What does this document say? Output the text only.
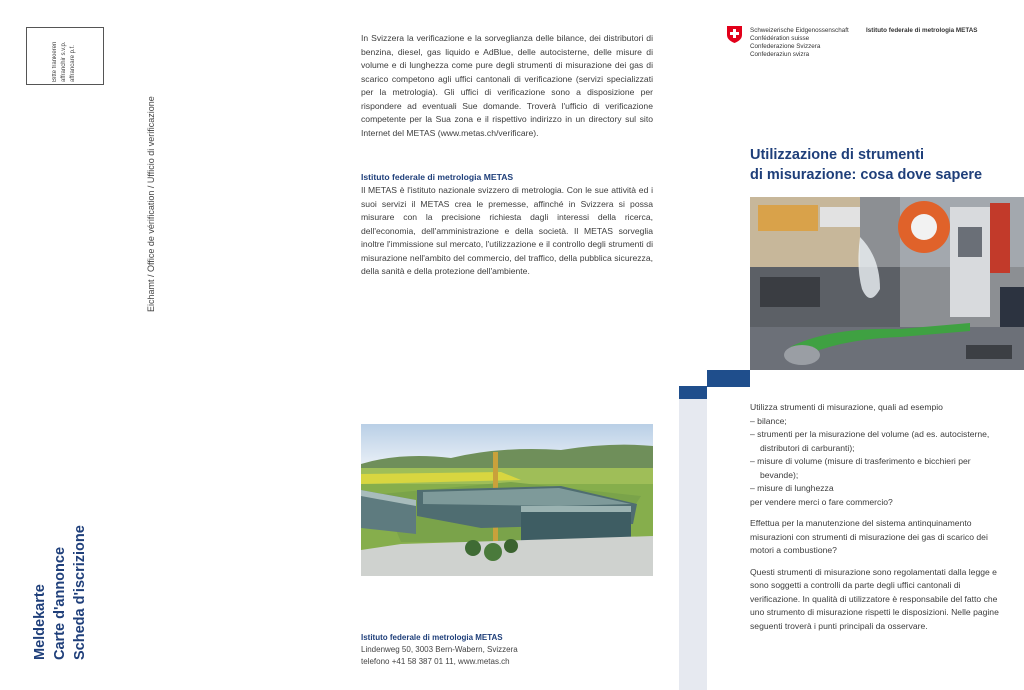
Bitte frankieren affranchir s.v.p. affrancare p.f.
Eichamt / Office de vérification / Ufficio di verificazione
Meldekarte Carte d'annonce Scheda d'iscrizione
In Svizzera la verificazione e la sorveglianza delle bilance, dei distributori di benzina, diesel, gas liquido e AdBlue, delle autocisterne, delle misure di volume e di lunghezza come pure degli strumenti di misurazione dei gas di scarico competono agli uffici cantonali di verificazione (servizi specializzati per la metrologia). Gli uffici di verificazione sono a disposizione per rispondere ad eventuali Sue domande. Troverà l'ufficio di verificazione competente per la Sua zona e il rispettivo indirizzo in un directory sul sito Internet del METAS (www.metas.ch/verificare).
Istituto federale di metrologia METAS
Il METAS è l'istituto nazionale svizzero di metrologia. Con le sue attività ed i suoi servizi il METAS crea le premesse, affinché in Svizzera si possa misurare con la precisione richiesta dagli interessi della ricerca, dell'economia, dell'amministrazione e della società. Il METAS sorveglia inoltre l'immissione sul mercato, l'utilizzazione e il controllo degli strumenti di misurazione nell'ambito del commercio, del traffico, della pubblica sicurezza, della sanità e della protezione dell'ambiente.
Istituto federale di metrologia METAS
Lindenweg 50, 3003 Bern-Wabern, Svizzera
telefono +41 58 387 01 11, www.metas.ch
Schweizerische Eidgenossenschaft
Confédération suisse
Confederazione Svizzera
Confederaziun svizra
Istituto federale di metrologia METAS
Utilizzazione di strumenti
di misurazione: cosa dove sapere
Utilizza strumenti di misurazione, quali ad esempio
– bilance;
– strumenti per la misurazione del volume (ad es. autocisterne, distributori di carburanti);
– misure di volume (misure di trasferimento e bicchieri per bevande);
– misure di lunghezza
per vendere merci o fare commercio?
Effettua per la manutenzione del sistema antinquinamento misurazioni con strumenti di misurazione dei gas di scarico dei motori a combustione?
Questi strumenti di misurazione sono regolamentati dalla legge e sono soggetti a controlli da parte degli uffici cantonali di verificazione. In qualità di utilizzatore è responsabile del fatto che uno strumento di misurazione rispetti le disposizioni. Nelle pagine seguenti troverà i punti principali da osservare.
